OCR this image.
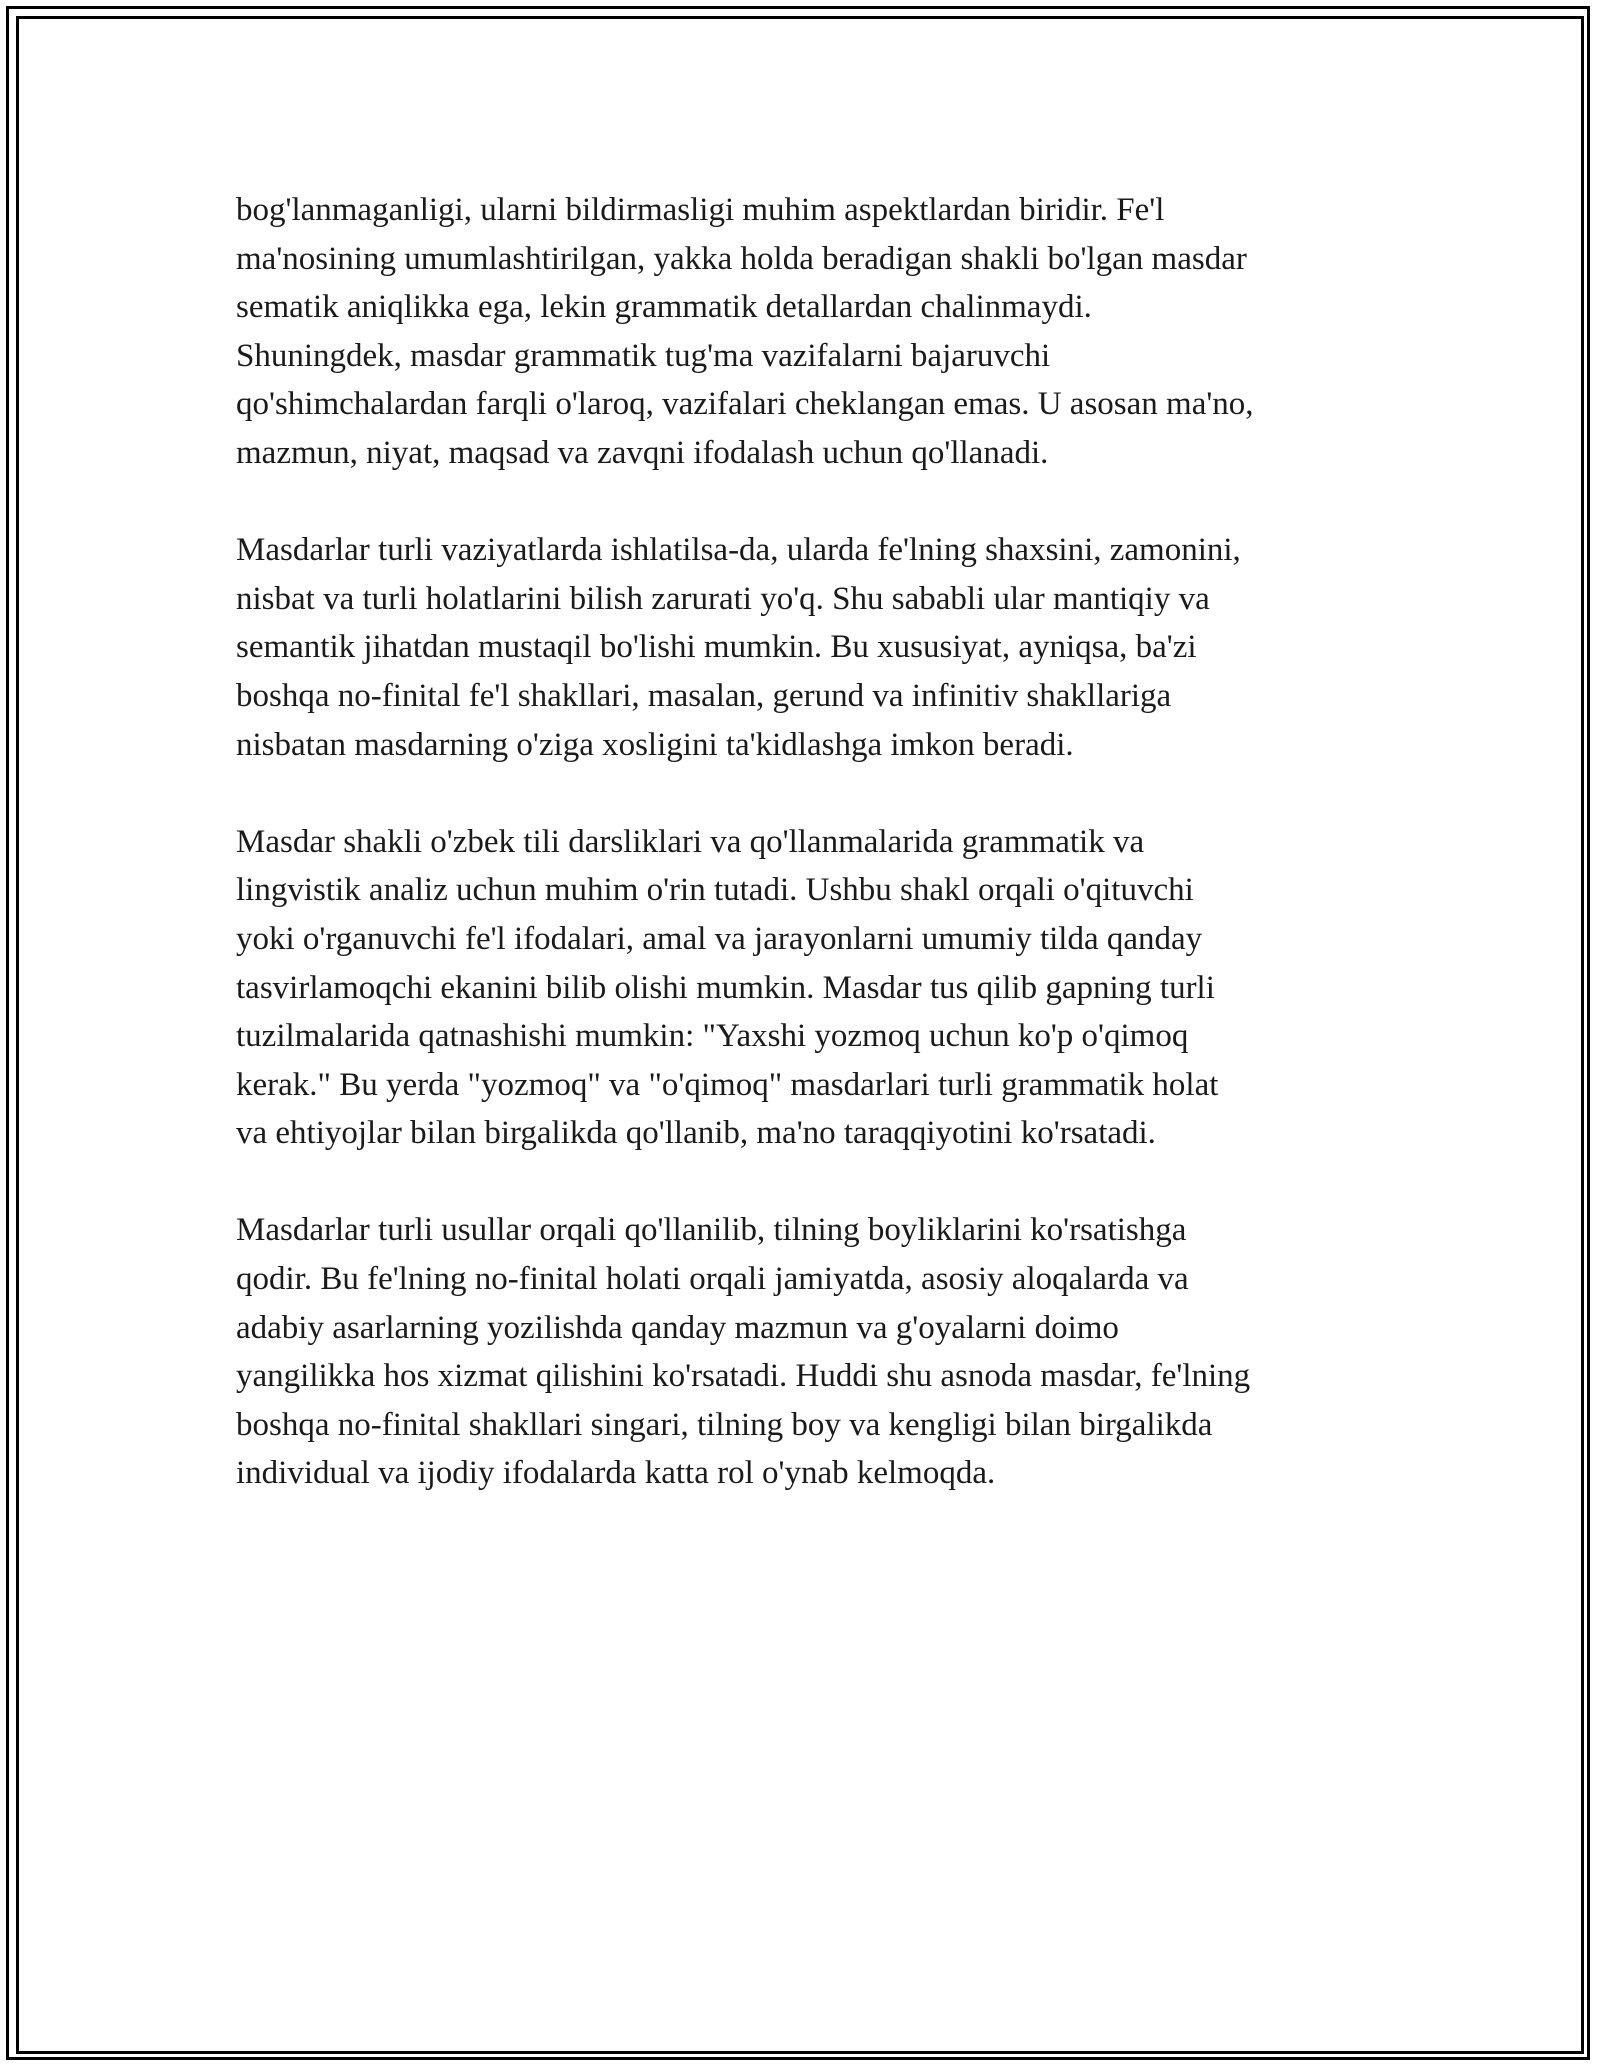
bog'lanmaganligi, ularni bildirmasligi muhim aspektlardan biridir. Fe'l
ma'nosining umumlashtirilgan, yakka holda beradigan shakli bo'lgan masdar
sematik aniqlikka ega, lekin grammatik detallardan chalinmaydi.
Shuningdek, masdar grammatik tug'ma vazifalarni bajaruvchi
qo'shimchalardan farqli o'laroq, vazifalari cheklangan emas. U asosan ma'no,
mazmun, niyat, maqsad va zavqni ifodalash uchun qo'llanadi.

Masdarlar turli vaziyatlarda ishlatilsa-da, ularda fe'lning shaxsini, zamonini,
nisbat va turli holatlarini bilish zarurati yo'q. Shu sababli ular mantiqiy va
semantik jihatdan mustaqil bo'lishi mumkin. Bu xususiyat, ayniqsa, ba'zi
boshqa no-finital fe'l shakllari, masalan, gerund va infinitiv shakllariga
nisbatan masdarning o'ziga xosligini ta'kidlashga imkon beradi.

Masdar shakli o'zbek tili darsliklari va qo'llanmalarida grammatik va
lingvistik analiz uchun muhim o'rin tutadi. Ushbu shakl orqali o'qituvchi
yoki o'rganuvchi fe'l ifodalari, amal va jarayonlarni umumiy tilda qanday
tasvirlamoqchi ekanini bilib olishi mumkin. Masdar tus qilib gapning turli
tuzilmalarida qatnashishi mumkin: "Yaxshi yozmoq uchun ko'p o'qimoq
kerak." Bu yerda "yozmoq" va "o'qimoq" masdarlari turli grammatik holat
va ehtiyojlar bilan birgalikda qo'llanib, ma'no taraqqiyotini ko'rsatadi.

Masdarlar turli usullar orqali qo'llanilib, tilning boyliklarini ko'rsatishga
qodir. Bu fe'lning no-finital holati orqali jamiyatda, asosiy aloqalarda va
adabiy asarlarning yozilishda qanday mazmun va g'oyalarni doimo
yangilikka hos xizmat qilishini ko'rsatadi. Huddi shu asnoda masdar, fe'lning
boshqa no-finital shakllari singari, tilning boy va kengligi bilan birgalikda
individual va ijodiy ifodalarda katta rol o'ynab kelmoqda.
